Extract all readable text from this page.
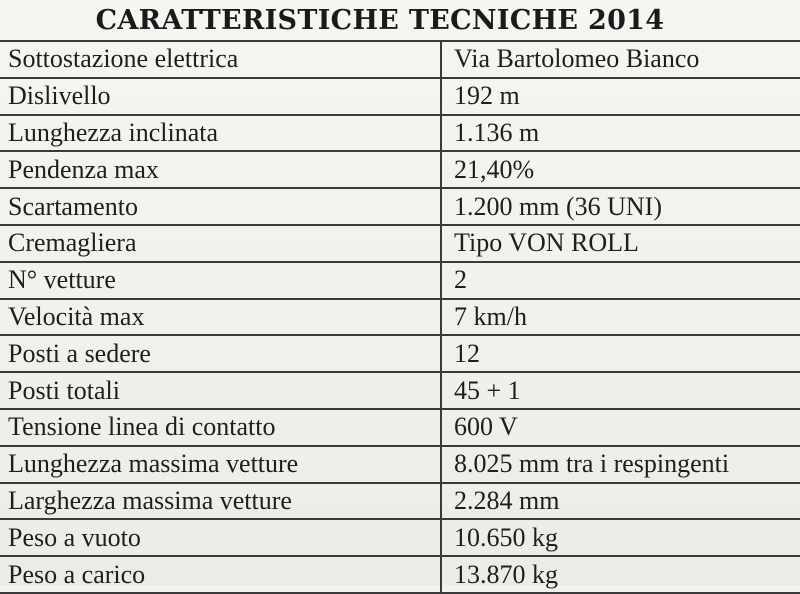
CARATTERISTICHE TECNICHE 2014
Sottostazione elettrica	Via Bartolomeo Bianco
Dislivello	192 m
Lunghezza inclinata	1.136 m
Pendenza max	21,40%
Scartamento	1.200 mm (36 UNI)
Cremagliera	Tipo VON ROLL
N° vetture	2
Velocità max	7 km/h
Posti a sedere	12
Posti totali	45 + 1
Tensione linea di contatto	600 V
Lunghezza massima vetture	8.025 mm tra i respingenti
Larghezza massima vetture	2.284 mm
Peso a vuoto	10.650 kg
Peso a carico	13.870 kg
